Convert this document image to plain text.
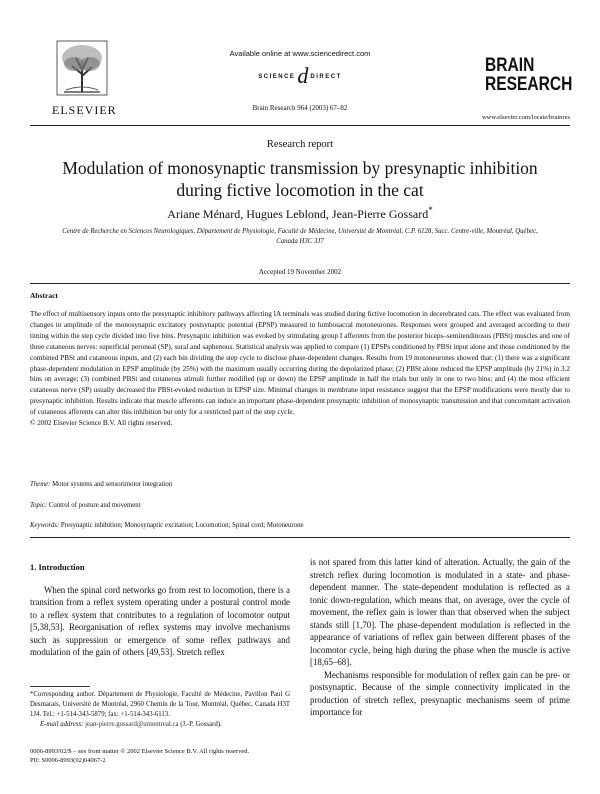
ELSEVIER
Available online at www.sciencedirect.com
SCIENCEd DIRECT
Brain Research 964 (2003) 67–82
BRAIN
RESEARCH
www.elsevier.com/locate/brainres
Research report
Modulation of monosynaptic transmission by presynaptic inhibition during fictive locomotion in the cat
Ariane Ménard, Hugues Leblond, Jean-Pierre Gossard*
Centre de Recherche en Sciences Neurologiques, Département de Physiologie, Faculté de Médecine, Université de Montréal, C.P. 6128, Succ. Centre-ville, Montréal, Québec, Canada H3C 3J7
Accepted 19 November 2002
Abstract

The effect of multisensory inputs onto the presynaptic inhibitory pathways affecting IA terminals was studied during fictive locomotion in decerebrated cats. The effect was evaluated from changes in amplitude of the monosynaptic excitatory postsynaptic potential (EPSP) measured in lumbosacral motoneurones. Responses were grouped and averaged according to their timing within the step cycle divided into five bins. Presynaptic inhibition was evoked by stimulating group I afferents from the posterior biceps–semitendinosus (PBSt) muscles and one of three cutaneous nerves: superficial peroneal (SP), sural and saphenous. Statistical analysis was applied to compare (1) EPSPs conditioned by PBSt input alone and those conditioned by the combined PBSt and cutaneous inputs, and (2) each bin dividing the step cycle to disclose phase-dependent changes. Results from 19 motoneurones showed that: (1) there was a significant phase-dependent modulation in EPSP amplitude (by 25%) with the maximum usually occurring during the depolarized phase; (2) PBSt alone reduced the EPSP amplitude (by 21%) in 3.2 bins on average; (3) combined PBSt and cutaneous stimuli further modified (up or down) the EPSP amplitude in half the trials but only in one to two bins; and (4) the most efficient cutaneous nerve (SP) usually decreased the PBSt-evoked reduction in EPSP size. Minimal changes in membrane input resistance suggest that the EPSP modifications were mostly due to presynaptic inhibition. Results indicate that muscle afferents can induce an important phase-dependent presynaptic inhibition of monosynaptic transmission and that concomitant activation of cutaneous afferents can alter this inhibition but only for a restricted part of the step cycle.

© 2002 Elsevier Science B.V. All rights reserved.

Theme: Motor systems and sensorimotor integration
Topic: Control of posture and movement
Keywords: Presynaptic inhibition; Monosynaptic excitation; Locomotion; Spinal cord; Motoneurone
1. Introduction

When the spinal cord networks go from rest to locomotion, there is a transition from a reflex system operating under a postural control mode to a reflex system that contributes to a regulation of locomotor output [5,38,53]. Reorganisation of reflex systems may involve mechanisms such as suppression or emergence of some reflex pathways and modulation of the gain of others [49,53]. Stretch reflex

is not spared from this latter kind of alteration. Actually, the gain of the stretch reflex during locomotion is modulated in a state- and phase-dependent manner. The state-dependent modulation is reflected as a tonic down-regulation, which means that, on average, over the cycle of movement, the reflex gain is lower than that observed when the subject stands still [1,70]. The phase-dependent modulation is reflected in the appearance of variations of reflex gain between different phases of the locomotor cycle, being high during the phase when the muscle is active [18,65–68].

Mechanisms responsible for modulation of reflex gain can be pre- or postsynaptic. Because of the simple connectivity implicated in the production of stretch reflex, presynaptic mechanisms seem of prime importance for

*Corresponding author. Département de Physiologie, Faculté de Médecine, Pavillon Paul G Desmarais, Université de Montréal, 2960 Chemin de la Tour, Montréal, Québec, Canada H3T 1J4. Tel.: +1-514-343-5879; fax: +1-514-343-6113.
E-mail address: jean-pierre.gossard@umontreal.ca (J.-P. Gossard).
0006-8993/02/$ – see front matter © 2002 Elsevier Science B.V. All rights reserved.
PII: S0006-8993(02)04067-2
